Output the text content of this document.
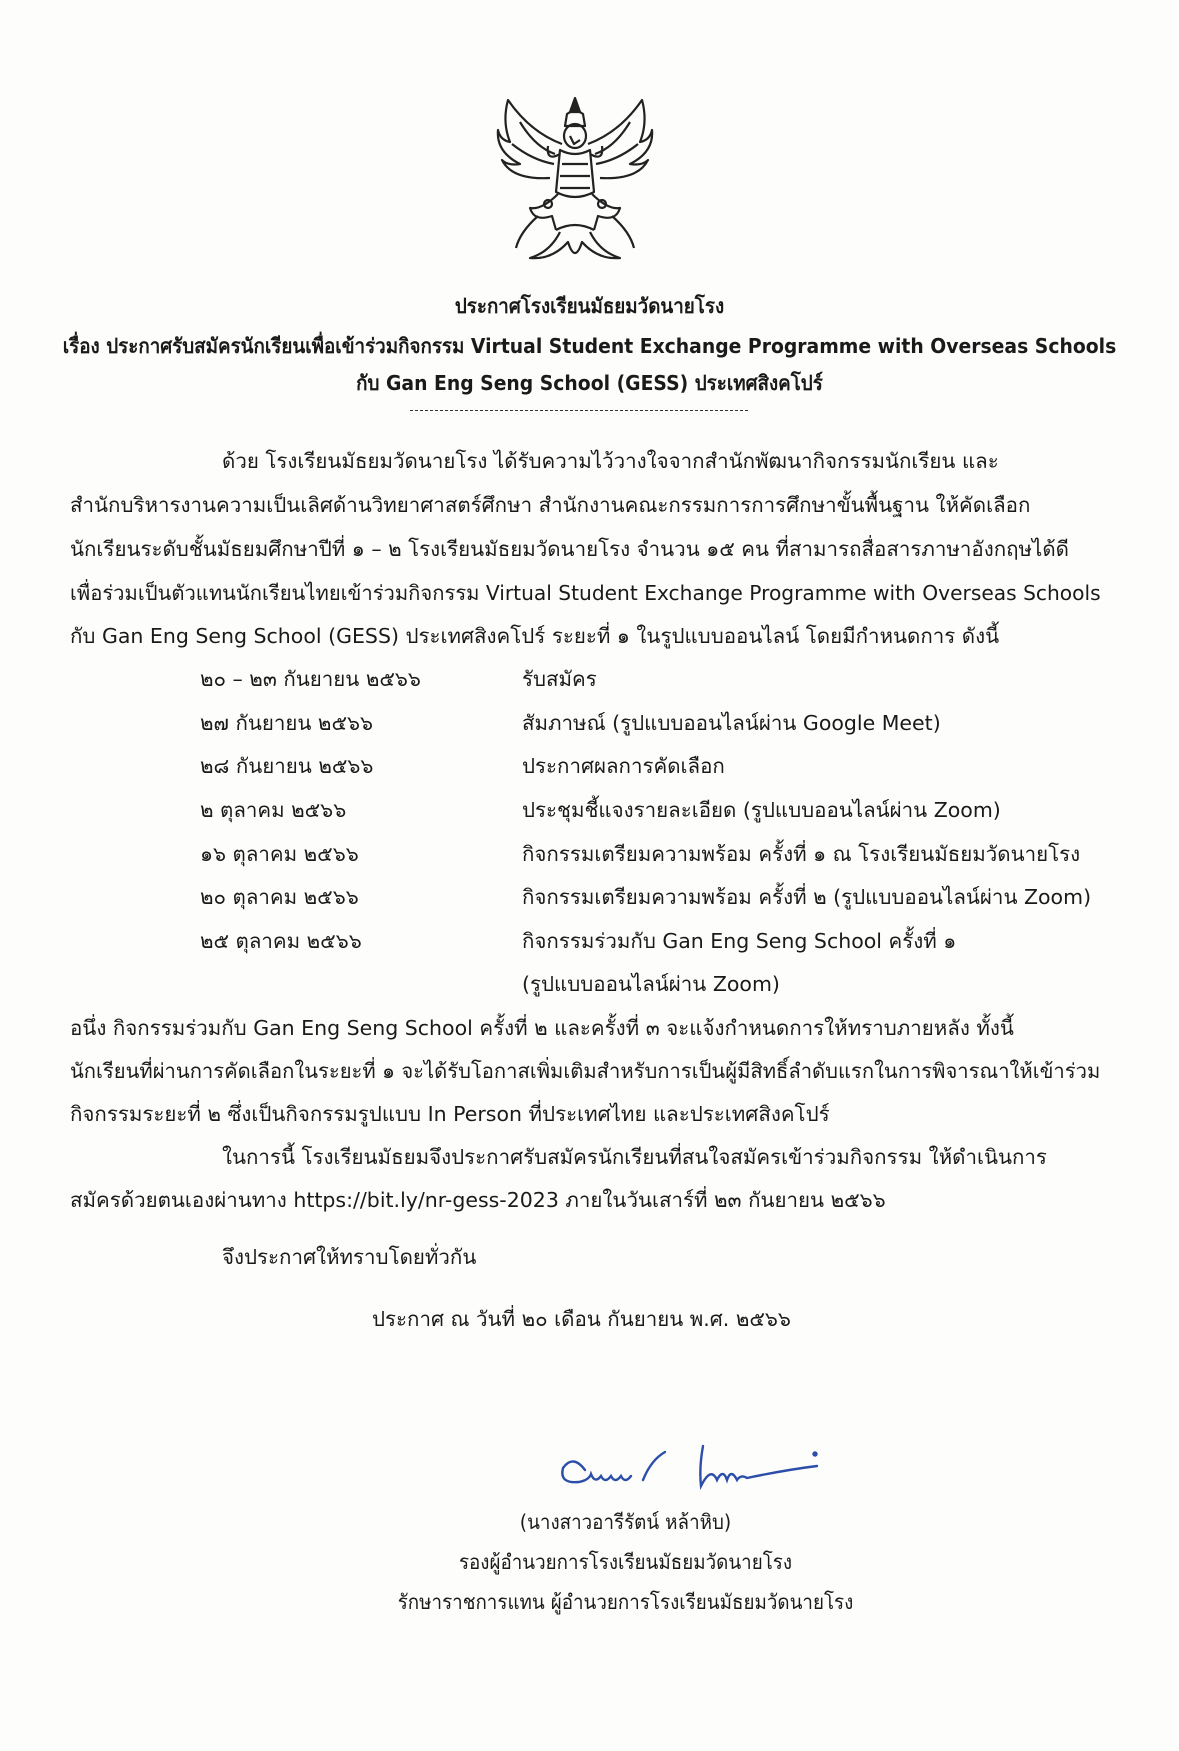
ประกาศโรงเรียนมัธยมวัดนายโรง
เรื่อง ประกาศรับสมัครนักเรียนเพื่อเข้าร่วมกิจกรรม Virtual Student Exchange Programme with Overseas Schools
กับ Gan Eng Seng School (GESS) ประเทศสิงคโปร์
ด้วย โรงเรียนมัธยมวัดนายโรง ได้รับความไว้วางใจจากสำนักพัฒนากิจกรรมนักเรียน และ
สำนักบริหารงานความเป็นเลิศด้านวิทยาศาสตร์ศึกษา สำนักงานคณะกรรมการการศึกษาขั้นพื้นฐาน ให้คัดเลือก
นักเรียนระดับชั้นมัธยมศึกษาปีที่ ๑ – ๒ โรงเรียนมัธยมวัดนายโรง จำนวน ๑๕ คน ที่สามารถสื่อสารภาษาอังกฤษได้ดี
เพื่อร่วมเป็นตัวแทนนักเรียนไทยเข้าร่วมกิจกรรม Virtual Student Exchange Programme with Overseas Schools
กับ Gan Eng Seng School (GESS) ประเทศสิงคโปร์ ระยะที่ ๑ ในรูปแบบออนไลน์ โดยมีกำหนดการ ดังนี้
๒๐ – ๒๓ กันยายน ๒๕๖๖	รับสมัคร
๒๗ กันยายน ๒๕๖๖	สัมภาษณ์ (รูปแบบออนไลน์ผ่าน Google Meet)
๒๘ กันยายน ๒๕๖๖	ประกาศผลการคัดเลือก
๒ ตุลาคม ๒๕๖๖	ประชุมชี้แจงรายละเอียด (รูปแบบออนไลน์ผ่าน Zoom)
๑๖ ตุลาคม ๒๕๖๖	กิจกรรมเตรียมความพร้อม ครั้งที่ ๑ ณ โรงเรียนมัธยมวัดนายโรง
๒๐ ตุลาคม ๒๕๖๖	กิจกรรมเตรียมความพร้อม ครั้งที่ ๒ (รูปแบบออนไลน์ผ่าน Zoom)
๒๕ ตุลาคม ๒๕๖๖	กิจกรรมร่วมกับ Gan Eng Seng School ครั้งที่ ๑
(รูปแบบออนไลน์ผ่าน Zoom)
อนึ่ง กิจกรรมร่วมกับ Gan Eng Seng School ครั้งที่ ๒ และครั้งที่ ๓ จะแจ้งกำหนดการให้ทราบภายหลัง ทั้งนี้
นักเรียนที่ผ่านการคัดเลือกในระยะที่ ๑ จะได้รับโอกาสเพิ่มเติมสำหรับการเป็นผู้มีสิทธิ์ลำดับแรกในการพิจารณาให้เข้าร่วม
กิจกรรมระยะที่ ๒ ซึ่งเป็นกิจกรรมรูปแบบ In Person ที่ประเทศไทย และประเทศสิงคโปร์
ในการนี้ โรงเรียนมัธยมจึงประกาศรับสมัครนักเรียนที่สนใจสมัครเข้าร่วมกิจกรรม ให้ดำเนินการ
สมัครด้วยตนเองผ่านทาง https://bit.ly/nr-gess-2023 ภายในวันเสาร์ที่ ๒๓ กันยายน ๒๕๖๖
จึงประกาศให้ทราบโดยทั่วกัน
ประกาศ ณ วันที่ ๒๐ เดือน กันยายน พ.ศ. ๒๕๖๖
(นางสาวอารีรัตน์ หล้าหิบ)
รองผู้อำนวยการโรงเรียนมัธยมวัดนายโรง
รักษาราชการแทน ผู้อำนวยการโรงเรียนมัธยมวัดนายโรง
